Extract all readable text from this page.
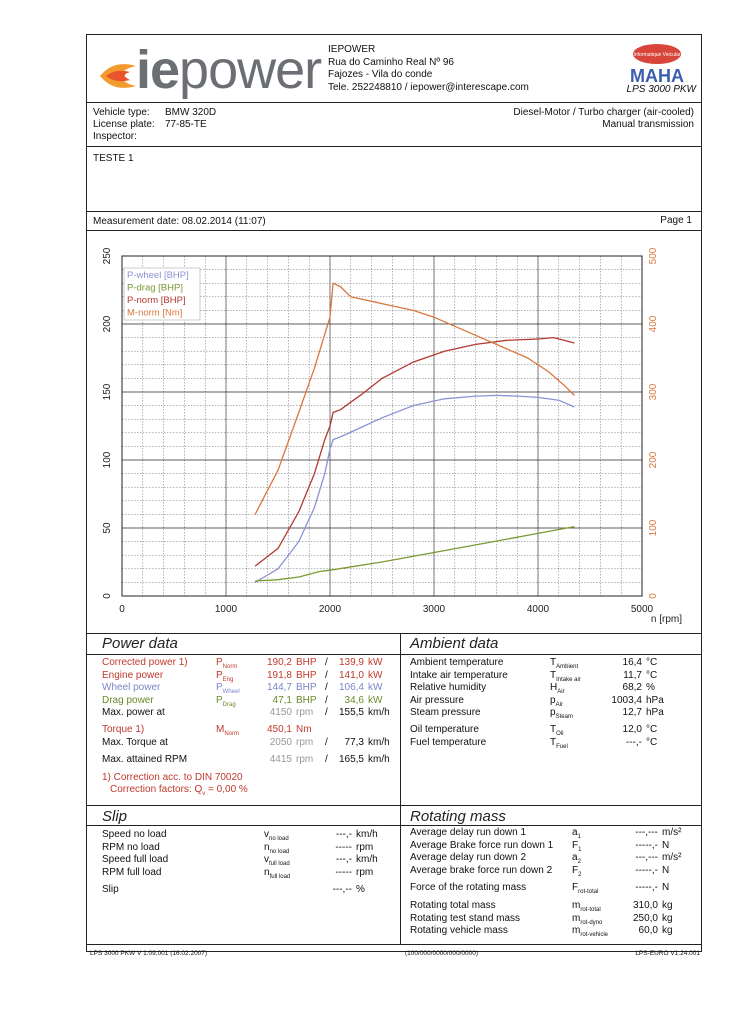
iepower IEPOWER
Rua do Caminho Real Nº 96
Fajozes - Vila do conde
Tele. 252248810 / iepower@interescape.com
Informatique Veicular
MAHA
LPS 3000 PKW
Vehicle type: BMW 320D
License plate: 77-85-TE
Inspector:
Diesel-Motor / Turbo charger (air-cooled)
Manual transmission
TESTE 1
Measurement date: 08.02.2014 (11:07)	Page 1
0	1000	2000	3000	4000	5000
n [rpm]
0
50
100
150
200
250
0
100
200
300
400
500
P-wheel [BHP]
P-drag [BHP]
P-norm [BHP]
M-norm [Nm]
Power data
Corrected power 1)	$P_{Norm}$	190,2 BHP /	139,9 kW
Engine power	$P_{Eng}$	191,8 BHP /	141,0 kW
Wheel power	$P_{Wheel}$	144,7 BHP /	106,4 kW
Drag power	$P_{Drag}$	47,1 BHP /	34,6 kW
Max. power at	4150 rpm /	155,5 km/h
Torque 1)	$M_{Norm}$	450,1 Nm
Max. Torque at	2050 rpm /	77,3 km/h
Max. attained RPM	4415 rpm /	165,5 km/h
1) Correction acc. to DIN 70020
Correction factors: $Q_v = 0,00$ %
Ambient data
Ambient temperature	$T_{Ambient}$	16,4 °C
Intake air temperature	$T_{Intake air}$	11,7 °C
Relative humidity	$H_{Air}$	68,2 %
Air pressure	$p_{Air}$	1003,4 hPa
Steam pressure	$p_{Steam}$	12,7 hPa
Oil temperature	$T_{Oil}$	12,0 °C
Fuel temperature	$T_{Fuel}$	---,- °C
Slip	Rotating mass
Speed no load	$v_{no load}$	---,- km/h
RPM no load	$n_{no load}$	----- rpm
Speed full load	$v_{full load}$	---,- km/h
RPM full load	$n_{full load}$	----- rpm
Slip	---,-- %
Average delay run down 1	$a_1$	---,--- m/s²
Average Brake force run down 1 $F_1$	-----,- N
Average delay run down 2	$a_2$	---,--- m/s²
Average brake force run down 2 $F_2$	-----,- N
Force of the rotating mass	$F_{rot-total}$	-----,- N
Rotating total mass	$m_{rot-total}$	310,0 kg
Rotating test stand mass	$m_{rot-dyno}$	250,0 kg
Rotating vehicle mass	$m_{rot-vehicle}$	60,0 kg
LPS 3000 PKW V 1.09.001 (16.02.2007)	(100/000/0000/000/0000)	LPS-EURO V1.24.001
